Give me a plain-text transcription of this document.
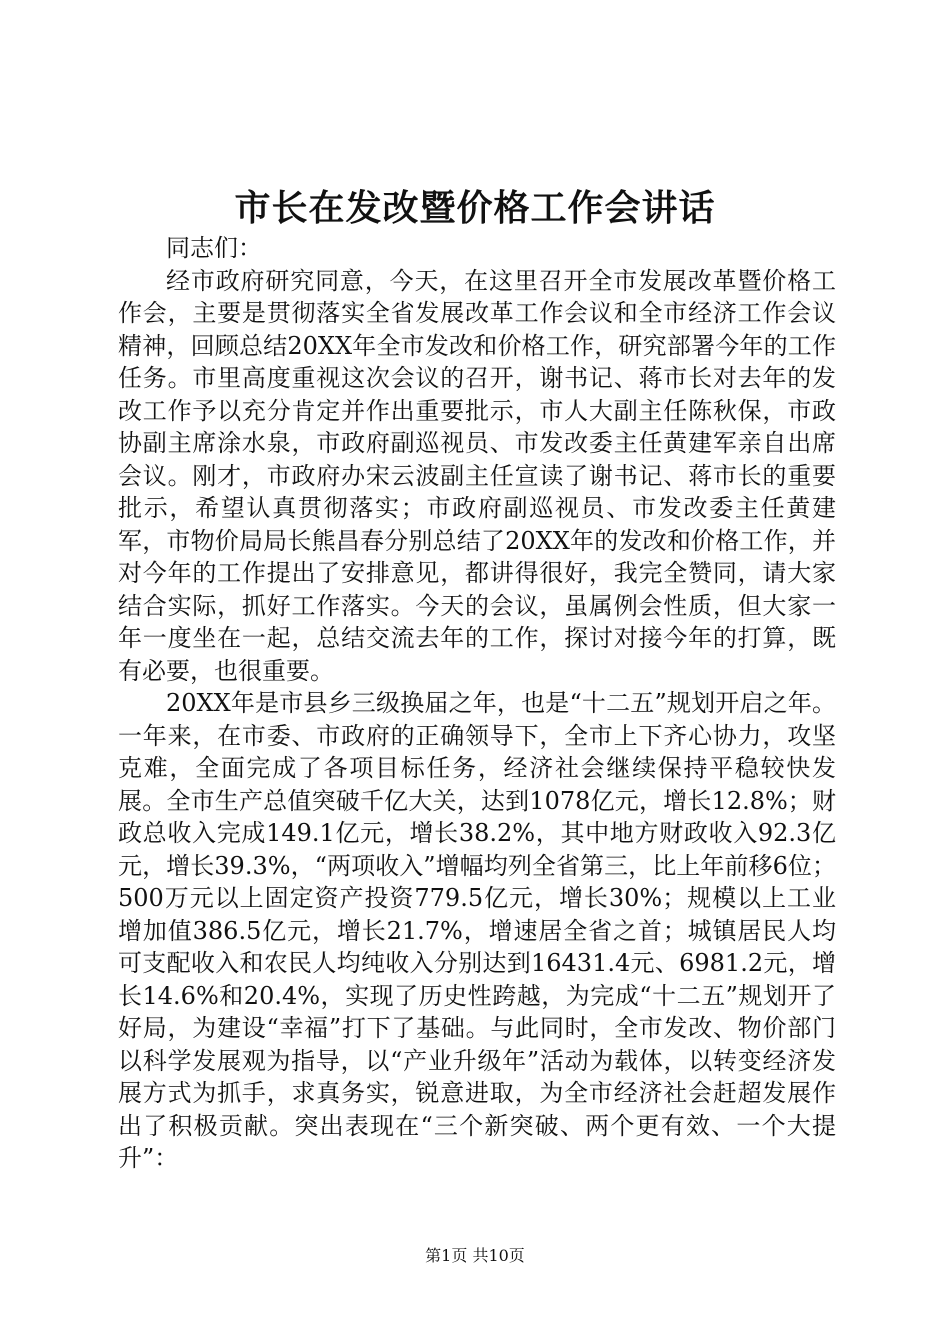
市长在发改暨价格工作会讲话

同志们：

经市政府研究同意，今天，在这里召开全市发展改革暨价格工作会，主要是贯彻落实全省发展改革工作会议和全市经济工作会议精神，回顾总结20XX年全市发改和价格工作，研究部署今年的工作任务。市里高度重视这次会议的召开，谢书记、蒋市长对去年的发改工作予以充分肯定并作出重要批示，市人大副主任陈秋保，市政协副主席涂水泉，市政府副巡视员、市发改委主任黄建军亲自出席会议。刚才，市政府办宋云波副主任宣读了谢书记、蒋市长的重要批示，希望认真贯彻落实；市政府副巡视员、市发改委主任黄建军，市物价局局长熊昌春分别总结了20XX年的发改和价格工作，并对今年的工作提出了安排意见，都讲得很好，我完全赞同，请大家结合实际，抓好工作落实。今天的会议，虽属例会性质，但大家一年一度坐在一起，总结交流去年的工作，探讨对接今年的打算，既有必要，也很重要。

20XX年是市县乡三级换届之年，也是“十二五”规划开启之年。一年来，在市委、市政府的正确领导下，全市上下齐心协力，攻坚克难，全面完成了各项目标任务，经济社会继续保持平稳较快发展。全市生产总值突破千亿大关，达到1078亿元，增长12.8%；财政总收入完成149.1亿元，增长38.2%，其中地方财政收入92.3亿元，增长39.3%，“两项收入”增幅均列全省第三，比上年前移6位；500万元以上固定资产投资779.5亿元，增长30%；规模以上工业增加值386.5亿元，增长21.7%，增速居全省之首；城镇居民人均可支配收入和农民人均纯收入分别达到16431.4元、6981.2元，增长14.6%和20.4%，实现了历史性跨越，为完成“十二五”规划开了好局，为建设“幸福”打下了基础。与此同时，全市发改、物价部门以科学发展观为指导，以“产业升级年”活动为载体，以转变经济发展方式为抓手，求真务实，锐意进取，为全市经济社会赶超发展作出了积极贡献。突出表现在“三个新突破、两个更有效、一个大提升”：

第1页 共10页
